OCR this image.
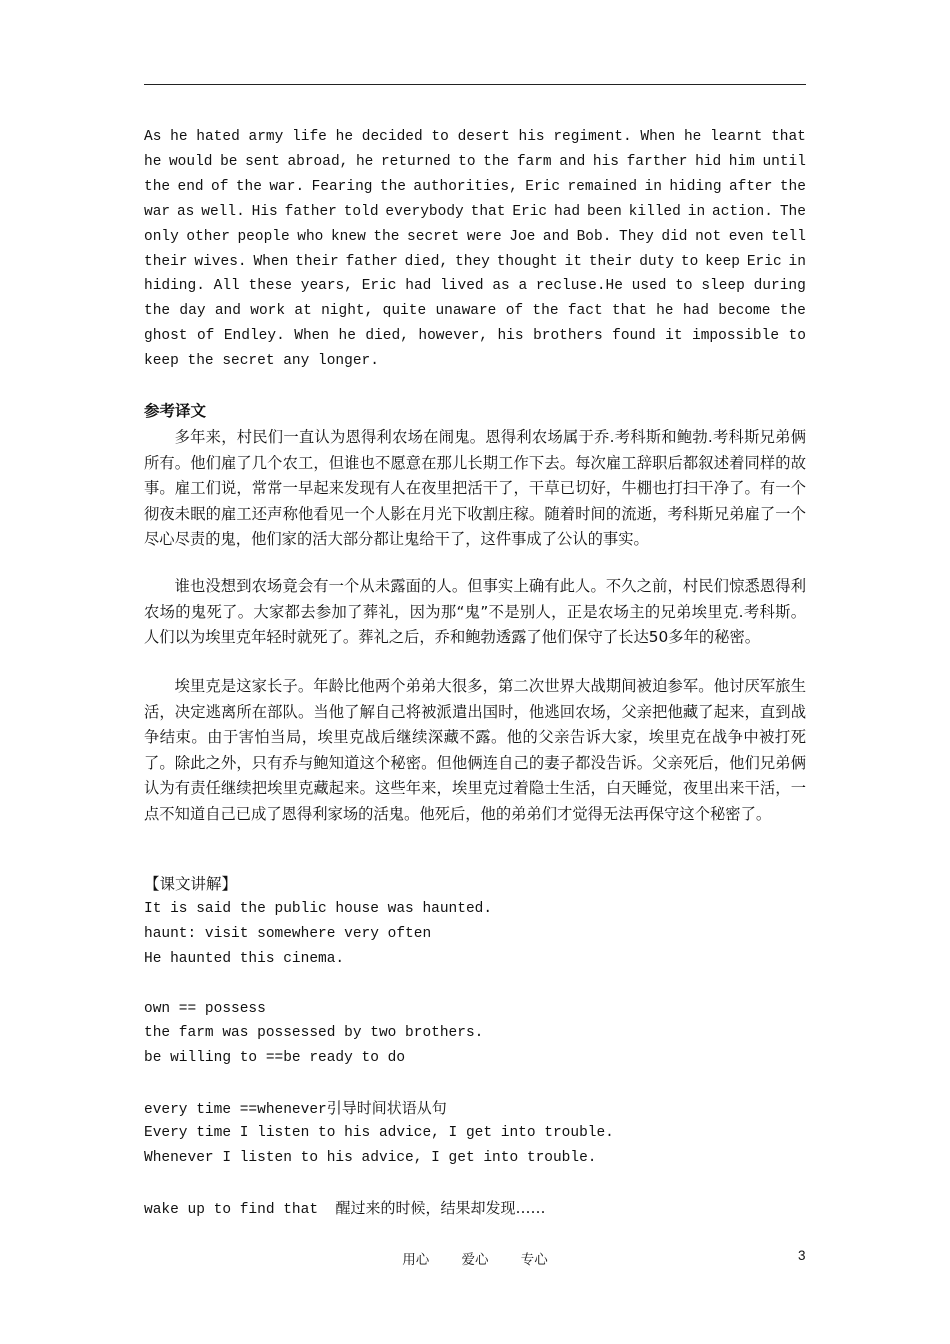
As he hated army life he decided to desert his regiment. When he learnt that
he would be sent abroad, he returned to the farm and his farther hid him until
the end of the war. Fearing the authorities, Eric remained in hiding after the
war as well. His father told everybody that Eric had been killed in action. The
only other people who knew the secret were Joe and Bob. They did not even tell
their wives. When their father died, they thought it their duty to keep Eric in
hiding. All these years, Eric had lived as a recluse.He used to sleep during
the day and work at night, quite unaware of the fact that he had become the
ghost of Endley. When he died, however, his brothers found it impossible to
keep the secret any longer.
参考译文

多年来，村民们一直认为恩得利农场在闹鬼。恩得利农场属于乔.考科斯和鲍勃.考科斯兄弟俩所有。他们雇了几个农工，但谁也不愿意在那儿长期工作下去。每次雇工辞职后都叙述着同样的故事。雇工们说，常常一早起来发现有人在夜里把活干了，干草已切好，牛棚也打扫干净了。有一个彻夜未眠的雇工还声称他看见一个人影在月光下收割庄稼。随着时间的流逝，考科斯兄弟雇了一个尽心尽责的鬼，他们家的活大部分都让鬼给干了，这件事成了公认的事实。

谁也没想到农场竟会有一个从未露面的人。但事实上确有此人。不久之前，村民们惊悉恩得利农场的鬼死了。大家都去参加了葬礼，因为那“鬼”不是别人，正是农场主的兄弟埃里克.考科斯。人们以为埃里克年轻时就死了。葬礼之后，乔和鲍勃透露了他们保守了长达50多年的秘密。

埃里克是这家长子。年龄比他两个弟弟大很多，第二次世界大战期间被迫参军。他讨厌军旅生活，决定逃离所在部队。当他了解自己将被派遣出国时，他逃回农场，父亲把他藏了起来，直到战争结束。由于害怕当局，埃里克战后继续深藏不露。他的父亲告诉大家，埃里克在战争中被打死了。除此之外，只有乔与鲍知道这个秘密。但他俩连自己的妻子都没告诉。父亲死后，他们兄弟俩认为有责任继续把埃里克藏起来。这些年来，埃里克过着隐士生活，白天睡觉，夜里出来干活，一点不知道自己已成了恩得利家场的活鬼。他死后，他的弟弟们才觉得无法再保守这个秘密了。

【课文讲解】
It is said the public house was haunted.
haunt: visit somewhere very often
He haunted this cinema.
own == possess
the farm was possessed by two brothers.
be willing to ==be ready to do
every time ==whenever引导时间状语从句
Every time I listen to his advice, I get into trouble.
Whenever I listen to his advice, I get into trouble.
wake up to find that  醒过来的时候，结果却发现……
用心 爱心 专心	3
